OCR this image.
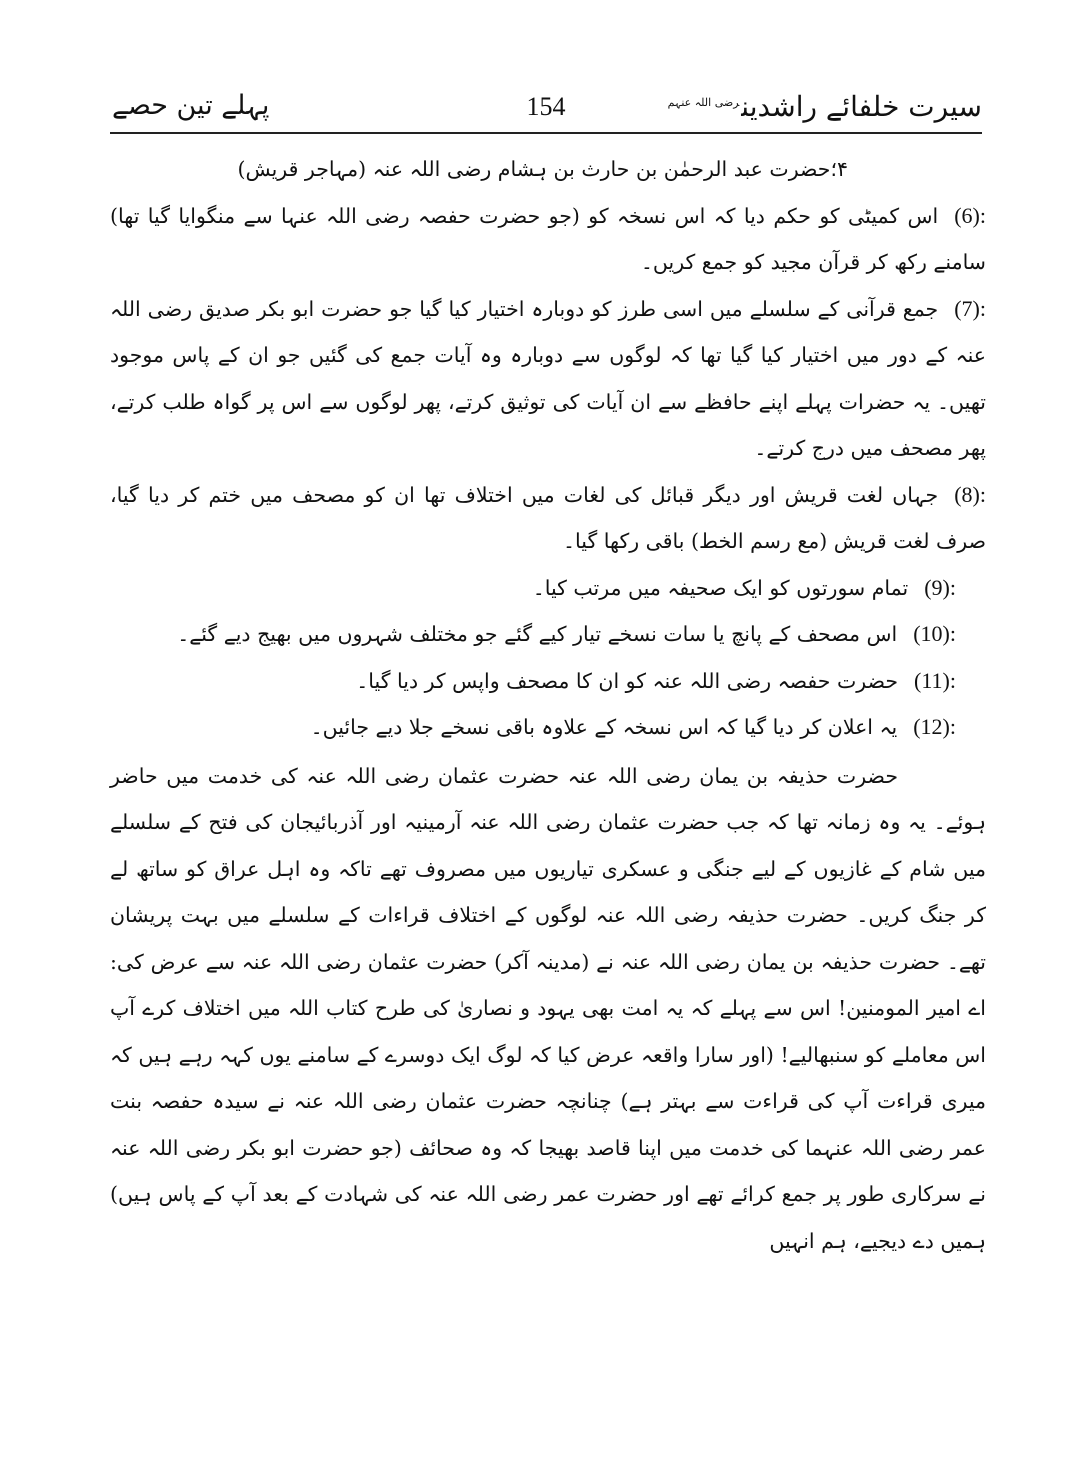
سیرت خلفائے راشدین$^{رضی اللہ عنہم}$
154
پہلے تین حصے
۴؛حضرت عبد الرحمٰن بن حارث بن ہشام رضی اللہ عنہ (مہاجر قریش)
(6):اس کمیٹی کو حکم دیا کہ اس نسخہ کو (جو حضرت حفصہ رضی اللہ عنہا سے منگوایا گیا تھا) سامنے رکھ کر قرآن مجید کو جمع کریں۔
(7):جمع قرآنی کے سلسلے میں اسی طرز کو دوبارہ اختیار کیا گیا جو حضرت ابو بکر صدیق رضی اللہ عنہ کے دور میں اختیار کیا گیا تھا کہ لوگوں سے دوبارہ وہ آیات جمع کی گئیں جو ان کے پاس موجود تھیں۔ یہ حضرات پہلے اپنے حافظے سے ان آیات کی توثیق کرتے، پھر لوگوں سے اس پر گواہ طلب کرتے، پھر مصحف میں درج کرتے۔
(8):جہاں لغت قریش اور دیگر قبائل کی لغات میں اختلاف تھا ان کو مصحف میں ختم کر دیا گیا، صرف لغت قریش (مع رسم الخط) باقی رکھا گیا۔
(9):تمام سورتوں کو ایک صحیفہ میں مرتب کیا۔
(10):اس مصحف کے پانچ یا سات نسخے تیار کیے گئے جو مختلف شہروں میں بھیج دیے گئے۔
(11):حضرت حفصہ رضی اللہ عنہ کو ان کا مصحف واپس کر دیا گیا۔
(12):یہ اعلان کر دیا گیا کہ اس نسخہ کے علاوہ باقی نسخے جلا دیے جائیں۔
حضرت حذیفہ بن یمان رضی اللہ عنہ حضرت عثمان رضی اللہ عنہ کی خدمت میں حاضر ہوئے۔ یہ وہ زمانہ تھا کہ جب حضرت عثمان رضی اللہ عنہ آرمینیہ اور آذربائیجان کی فتح کے سلسلے میں شام کے غازیوں کے لیے جنگی و عسکری تیاریوں میں مصروف تھے تاکہ وہ اہل عراق کو ساتھ لے کر جنگ کریں۔ حضرت حذیفہ رضی اللہ عنہ لوگوں کے اختلاف قراءات کے سلسلے میں بہت پریشان تھے۔ حضرت حذیفہ بن یمان رضی اللہ عنہ نے (مدینہ آکر) حضرت عثمان رضی اللہ عنہ سے عرض کی: اے امیر المومنین! اس سے پہلے کہ یہ امت بھی یہود و نصاریٰ کی طرح کتاب اللہ میں اختلاف کرے آپ اس معاملے کو سنبھالیے! (اور سارا واقعہ عرض کیا کہ لوگ ایک دوسرے کے سامنے یوں کہہ رہے ہیں کہ میری قراءت آپ کی قراءت سے بہتر ہے) چنانچہ حضرت عثمان رضی اللہ عنہ نے سیدہ حفصہ بنت عمر رضی اللہ عنہما کی خدمت میں اپنا قاصد بھیجا کہ وہ صحائف (جو حضرت ابو بکر رضی اللہ عنہ نے سرکاری طور پر جمع کرائے تھے اور حضرت عمر رضی اللہ عنہ کی شہادت کے بعد آپ کے پاس ہیں) ہمیں دے دیجیے، ہم انہیں
